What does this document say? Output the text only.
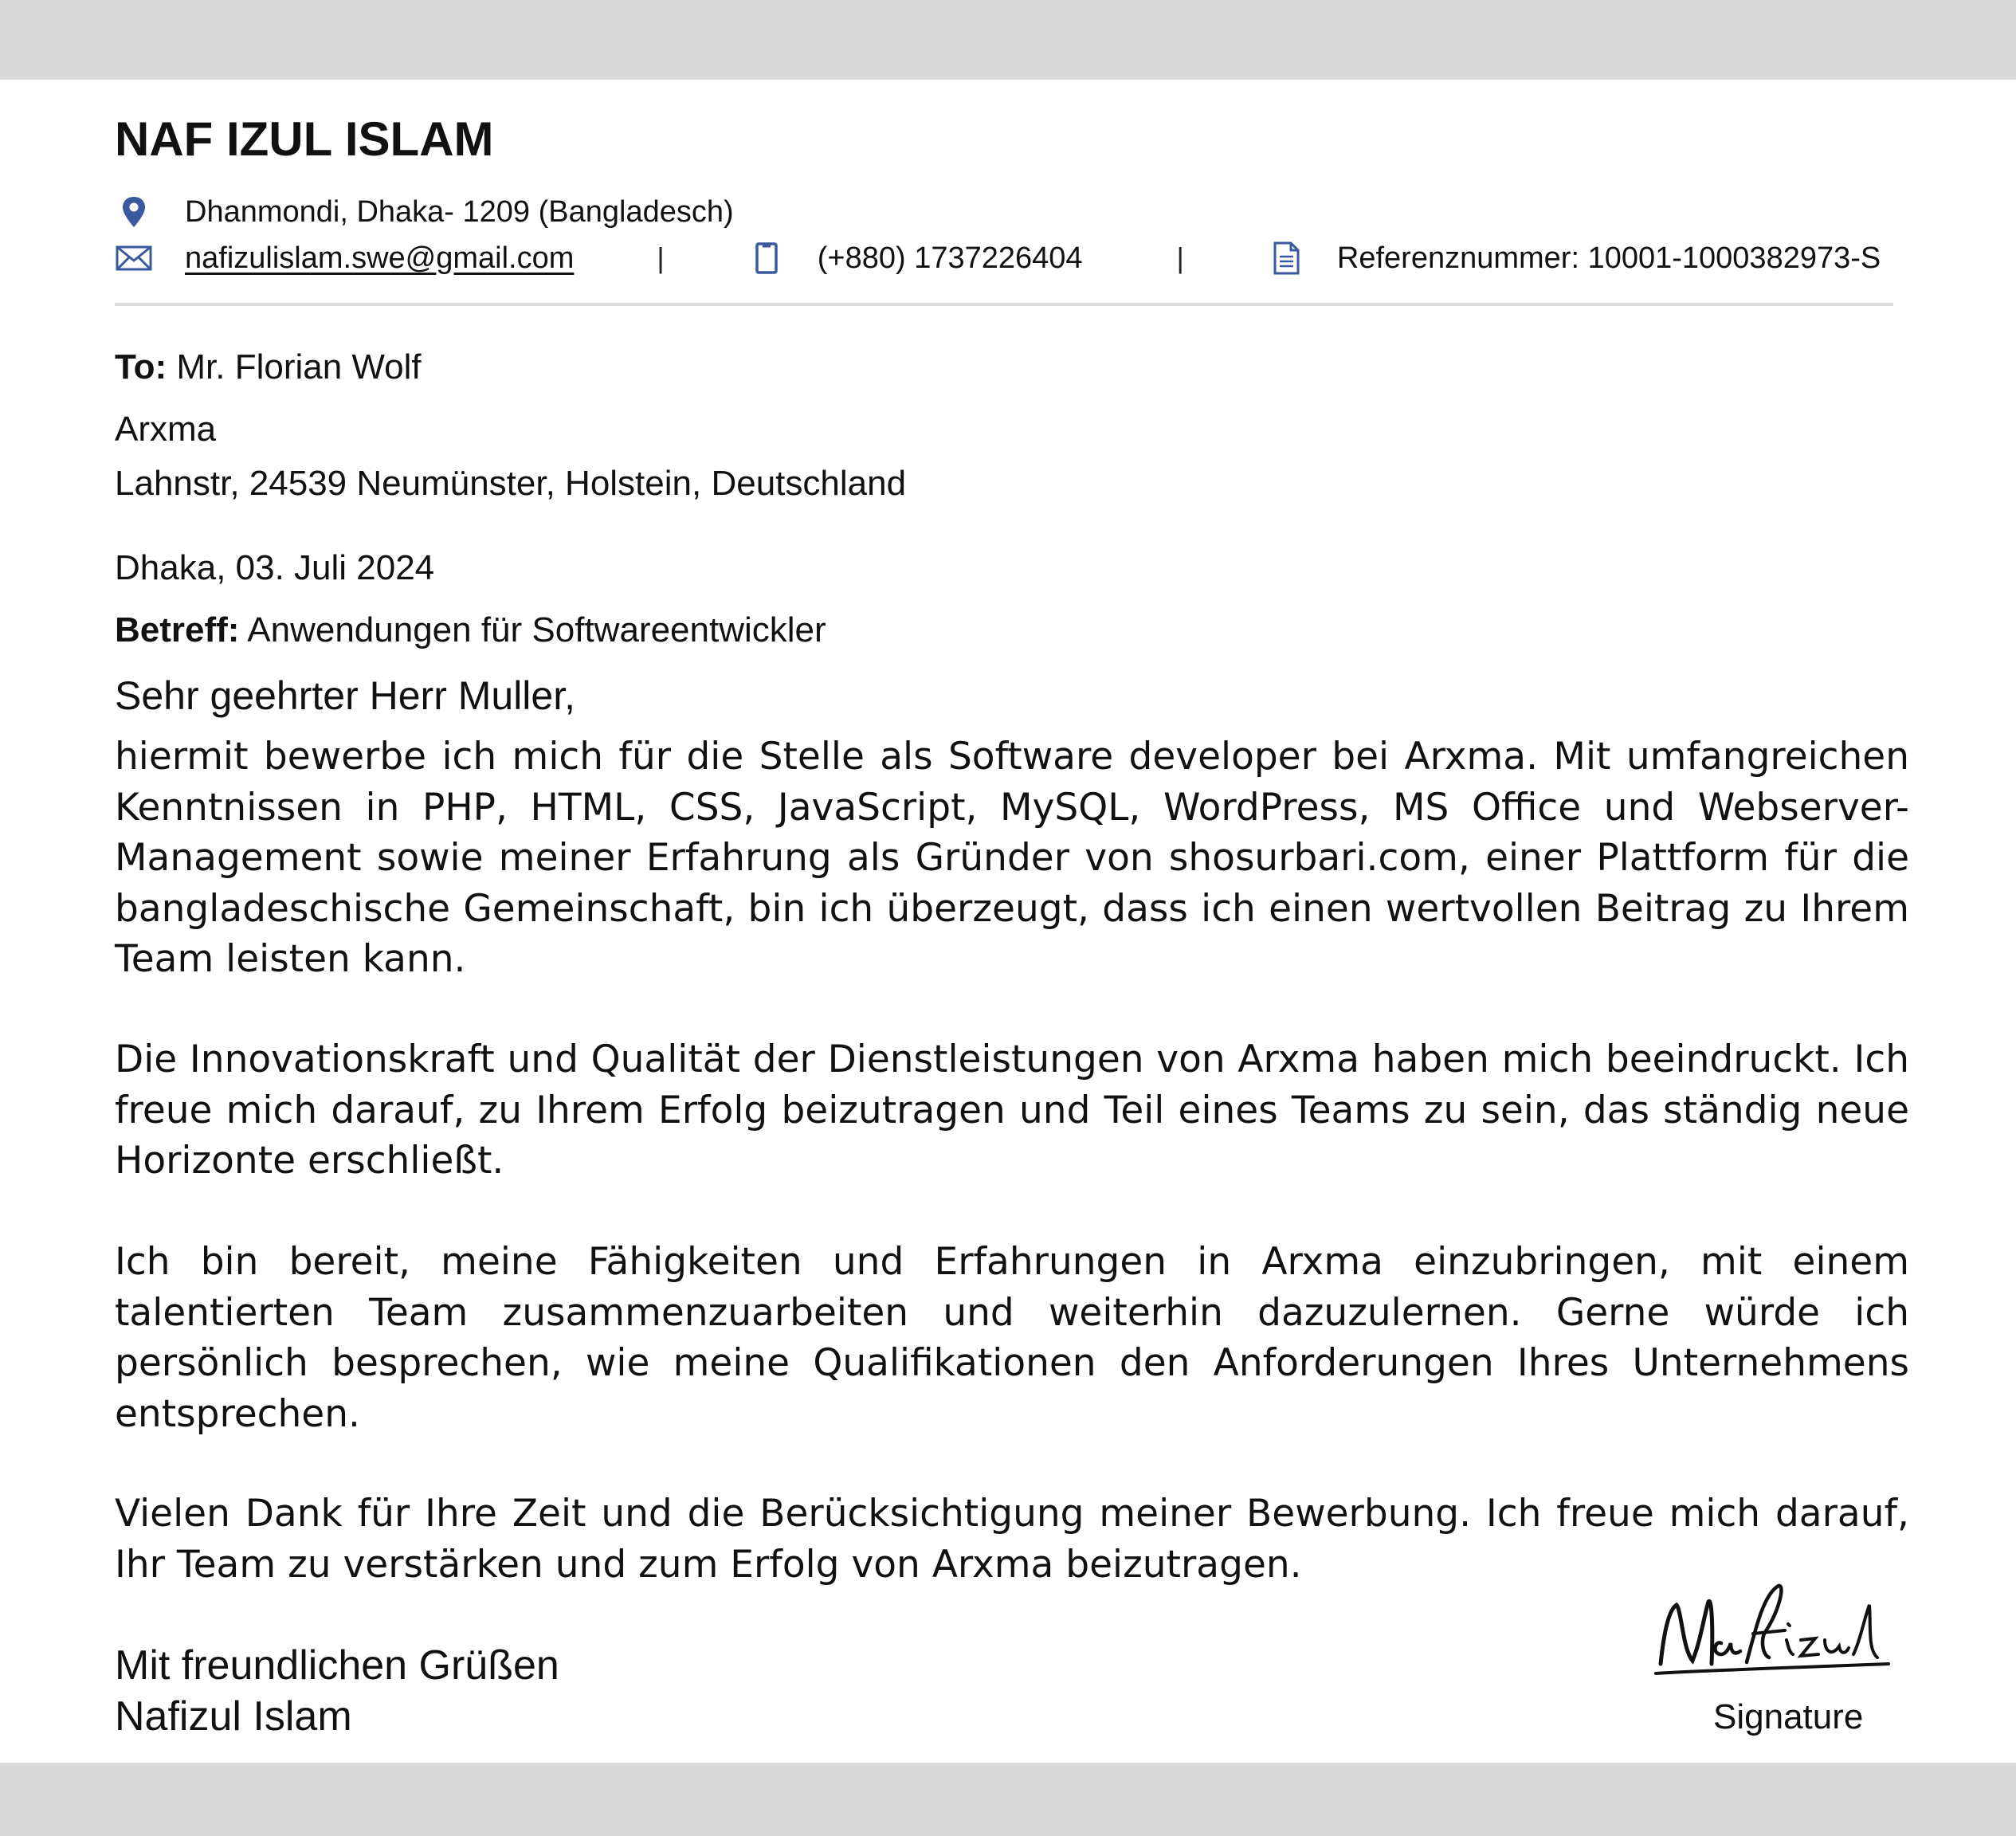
NAF IZUL ISLAM
Dhanmondi, Dhaka- 1209 (Bangladesch)
nafizulislam.swe@gmail.com	|	(+880) 1737226404	|	Referenznummer: 10001-1000382973-S
To: Mr. Florian Wolf
Arxma
Lahnstr, 24539 Neumünster, Holstein, Deutschland
Dhaka, 03. Juli 2024
Betreff: Anwendungen für Softwareentwickler
Sehr geehrter Herr Muller,
hiermit bewerbe ich mich für die Stelle als Software developer bei Arxma. Mit umfangreichen Kenntnissen in PHP, HTML, CSS, JavaScript, MySQL, WordPress, MS Office und Webserver-Management sowie meiner Erfahrung als Gründer von shosurbari.com, einer Plattform für die bangladeschische Gemeinschaft, bin ich überzeugt, dass ich einen wertvollen Beitrag zu Ihrem Team leisten kann.
Die Innovationskraft und Qualität der Dienstleistungen von Arxma haben mich beeindruckt. Ich freue mich darauf, zu Ihrem Erfolg beizutragen und Teil eines Teams zu sein, das ständig neue Horizonte erschließt.
Ich bin bereit, meine Fähigkeiten und Erfahrungen in Arxma einzubringen, mit einem talentierten Team zusammenzuarbeiten und weiterhin dazuzulernen. Gerne würde ich persönlich besprechen, wie meine Qualifikationen den Anforderungen Ihres Unternehmens entsprechen.
Vielen Dank für Ihre Zeit und die Berücksichtigung meiner Bewerbung. Ich freue mich darauf, Ihr Team zu verstärken und zum Erfolg von Arxma beizutragen.
Mit freundlichen Grüßen
Nafizul Islam	Signature
